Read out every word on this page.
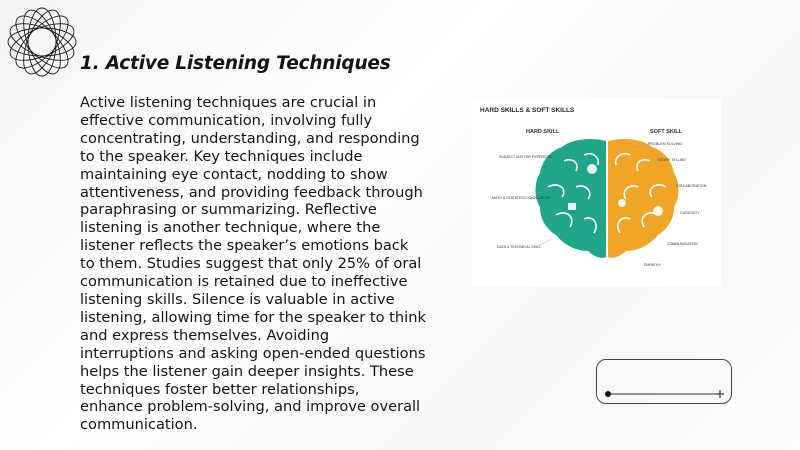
1. Active Listening Techniques

Active listening techniques are crucial in effective communication, involving fully concentrating, understanding, and responding to the speaker. Key techniques include maintaining eye contact, nodding to show attentiveness, and providing feedback through paraphrasing or summarizing. Reflective listening is another technique, where the listener reflects the speaker’s emotions back to them. Studies suggest that only 25% of oral communication is retained due to ineffective listening skills. Silence is valuable in active listening, allowing time for the speaker to think and express themselves. Avoiding interruptions and asking open-ended questions helps the listener gain deeper insights. These techniques foster better relationships, enhance problem-solving, and improve overall communication.

HARD SKILLS & SOFT SKILLS
HARD SKILL	SOFT SKILL
SUBJECT MATTER EXPERTISE
MATH & STATISTICS KNOWLEDGE
DATA & TECHNICAL SKILL
PROBLEM SOLVING
STORY TELLING
COLLABORATION
CURIOSITY
COMMUNICATION
EMPATHY
